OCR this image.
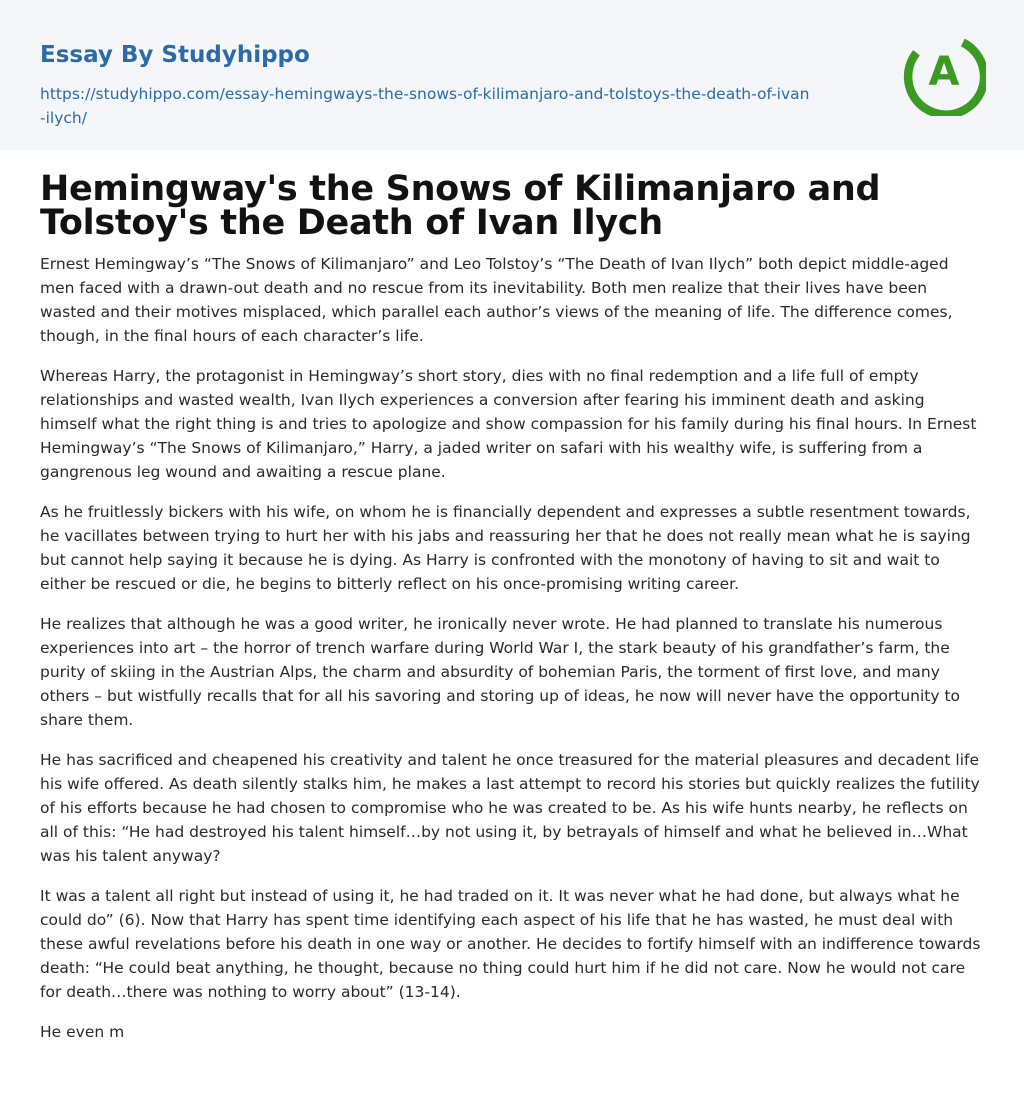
Essay By Studyhippo
https://studyhippo.com/essay-hemingways-the-snows-of-kilimanjaro-and-tolstoys-the-death-of-ivan-ilych/
A
Hemingway's the Snows of Kilimanjaro and Tolstoy's the Death of Ivan Ilych

Ernest Hemingway’s “The Snows of Kilimanjaro” and Leo Tolstoy’s “The Death of Ivan Ilych” both depict middle-aged men faced with a drawn-out death and no rescue from its inevitability. Both men realize that their lives have been wasted and their motives misplaced, which parallel each author’s views of the meaning of life. The difference comes, though, in the final hours of each character’s life.

Whereas Harry, the protagonist in Hemingway’s short story, dies with no final redemption and a life full of empty relationships and wasted wealth, Ivan Ilych experiences a conversion after fearing his imminent death and asking himself what the right thing is and tries to apologize and show compassion for his family during his final hours. In Ernest Hemingway’s “The Snows of Kilimanjaro,” Harry, a jaded writer on safari with his wealthy wife, is suffering from a gangrenous leg wound and awaiting a rescue plane.

As he fruitlessly bickers with his wife, on whom he is financially dependent and expresses a subtle resentment towards, he vacillates between trying to hurt her with his jabs and reassuring her that he does not really mean what he is saying but cannot help saying it because he is dying. As Harry is confronted with the monotony of having to sit and wait to either be rescued or die, he begins to bitterly reflect on his once-promising writing career.

He realizes that although he was a good writer, he ironically never wrote. He had planned to translate his numerous experiences into art – the horror of trench warfare during World War I, the stark beauty of his grandfather’s farm, the purity of skiing in the Austrian Alps, the charm and absurdity of bohemian Paris, the torment of first love, and many others – but wistfully recalls that for all his savoring and storing up of ideas, he now will never have the opportunity to share them.

He has sacrificed and cheapened his creativity and talent he once treasured for the material pleasures and decadent life his wife offered. As death silently stalks him, he makes a last attempt to record his stories but quickly realizes the futility of his efforts because he had chosen to compromise who he was created to be. As his wife hunts nearby, he reflects on all of this: “He had destroyed his talent himself…by not using it, by betrayals of himself and what he believed in…What was his talent anyway?

It was a talent all right but instead of using it, he had traded on it. It was never what he had done, but always what he could do” (6). Now that Harry has spent time identifying each aspect of his life that he has wasted, he must deal with these awful revelations before his death in one way or another. He decides to fortify himself with an indifference towards death: “He could beat anything, he thought, because no thing could hurt him if he did not care. Now he would not care for death…there was nothing to worry about” (13-14).

He even m
